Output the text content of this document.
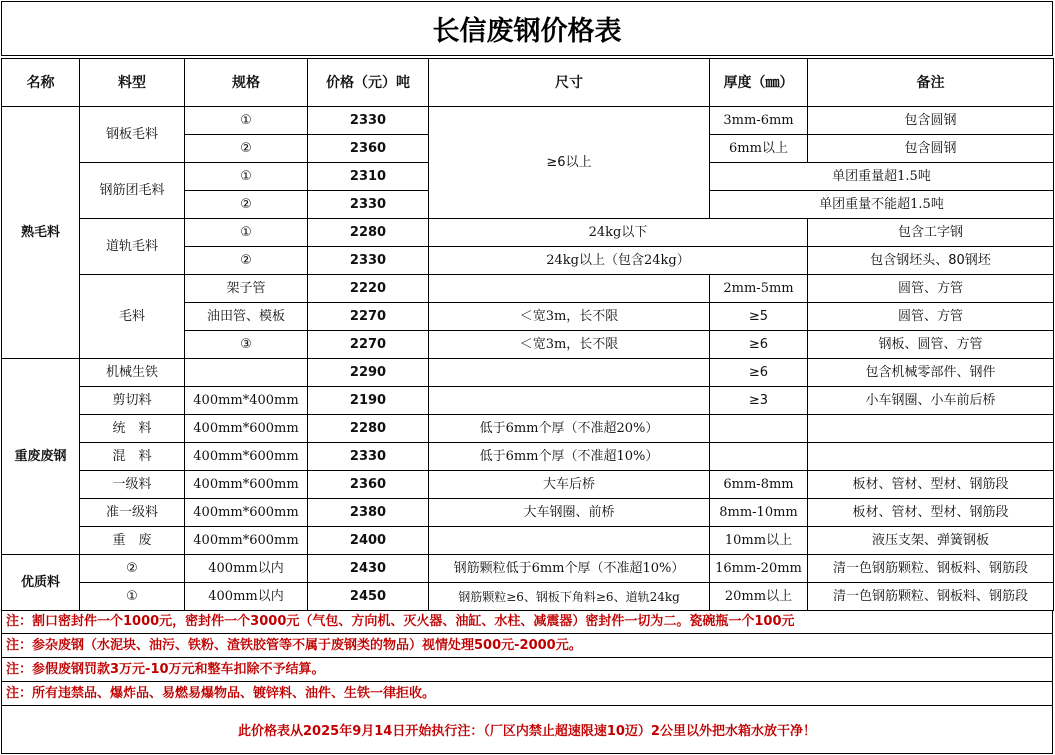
长信废钢价格表
名称	料型	规格	价格（元）吨	尺寸	厚度（㎜）	备注
熟毛料	钢板毛料	①	2330	≥6以上	3mm-6mm	包含圆钢
		②	2360		6mm以上	包含圆钢
	钢筋团毛料	①	2310		单团重量超1.5吨	
		②	2330		单团重量不能超1.5吨	
	道轨毛料	①	2280	24kg以下		包含工字钢
		②	2330	24kg以上（包含24kg）		包含钢坯头、80钢坯
	毛料	架子管	2220		2mm-5mm	圆管、方管
		油田管、模板	2270	＜宽3m，长不限	≥5	圆管、方管
		③	2270	＜宽3m，长不限	≥6	钢板、圆管、方管
重废废钢	机械生铁		2290		≥6	包含机械零部件、钢件
	剪切料	400mm*400mm	2190		≥3	小车钢圈、小车前后桥
	统　料	400mm*600mm	2280	低于6mm个厚（不准超20%）		
	混　料	400mm*600mm	2330	低于6mm个厚（不准超10%）		
	一级料	400mm*600mm	2360	大车后桥	6mm-8mm	板材、管材、型材、钢筋段
	准一级料	400mm*600mm	2380	大车钢圈、前桥	8mm-10mm	板材、管材、型材、钢筋段
	重　废	400mm*600mm	2400		10mm以上	液压支架、弹簧钢板
优质料	②	400mm以内	2430	钢筋颗粒低于6mm个厚（不准超10%）	16mm-20mm	清一色钢筋颗粒、钢板料、钢筋段
	①	400mm以内	2450	钢筋颗粒≥6、钢板下角料≥6、道轨24kg	20mm以上	清一色钢筋颗粒、钢板料、钢筋段
注：割口密封件一个1000元，密封件一个3000元（气包、方向机、灭火器、油缸、水柱、减震器）密封件一切为二。瓷碗瓶一个100元
注：参杂废钢（水泥块、油污、铁粉、渣铁胶管等不属于废钢类的物品）视情处理500元-2000元。
注：参假废钢罚款3万元-10万元和整车扣除不予结算。
注：所有违禁品、爆炸品、易燃易爆物品、镀锌料、油件、生铁一律拒收。
此价格表从2025年9月14日开始执行注：（厂区内禁止超速限速10迈）2公里以外把水箱水放干净！
